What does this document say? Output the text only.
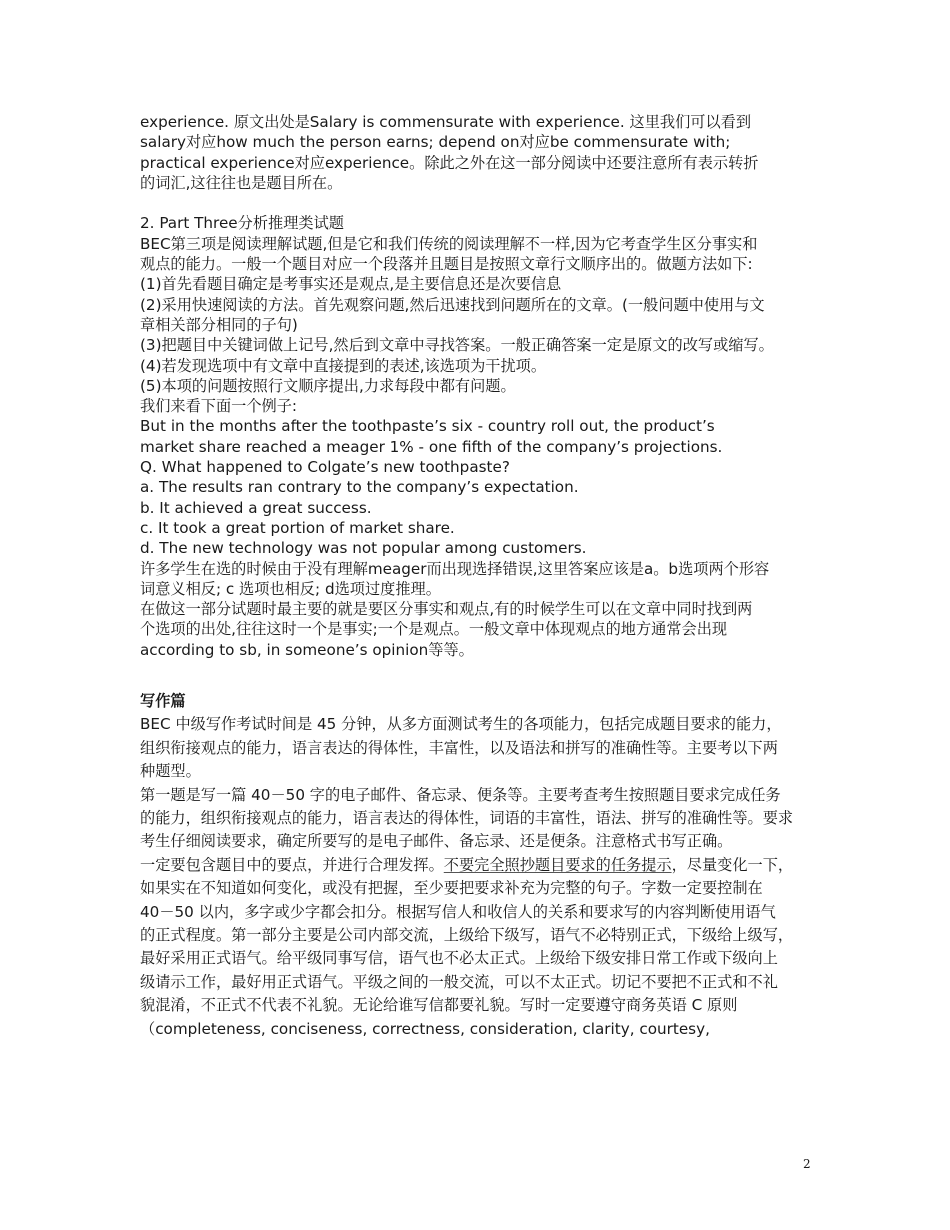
experience. 原文出处是Salary is commensurate with experience. 这里我们可以看到

salary对应how much the person earns; depend on对应be commensurate with;

practical experience对应experience。除此之外在这一部分阅读中还要注意所有表示转折

的词汇,这往往也是题目所在。

2. Part Three分析推理类试题

BEC第三项是阅读理解试题,但是它和我们传统的阅读理解不一样,因为它考查学生区分事实和

观点的能力。一般一个题目对应一个段落并且题目是按照文章行文顺序出的。做题方法如下:

(1)首先看题目确定是考事实还是观点,是主要信息还是次要信息

(2)采用快速阅读的方法。首先观察问题,然后迅速找到问题所在的文章。(一般问题中使用与文

章相关部分相同的子句)

(3)把题目中关键词做上记号,然后到文章中寻找答案。一般正确答案一定是原文的改写或缩写。

(4)若发现选项中有文章中直接提到的表述,该选项为干扰项。

(5)本项的问题按照行文顺序提出,力求每段中都有问题。

我们来看下面一个例子:

But in the months after the toothpaste’s six - country roll out, the product’s

market share reached a meager 1% - one fifth of the company’s projections.

Q. What happened to Colgate’s new toothpaste?

a. The results ran contrary to the company’s expectation.

b. It achieved a great success.

c. It took a great portion of market share.

d. The new technology was not popular among customers.

许多学生在选的时候由于没有理解meager而出现选择错误,这里答案应该是a。b选项两个形容

词意义相反; c 选项也相反; d选项过度推理。

在做这一部分试题时最主要的就是要区分事实和观点,有的时候学生可以在文章中同时找到两

个选项的出处,往往这时一个是事实;一个是观点。一般文章中体现观点的地方通常会出现

according to sb, in someone’s opinion等等。

写作篇

BEC 中级写作考试时间是 45 分钟，从多方面测试考生的各项能力，包括完成题目要求的能力，

组织衔接观点的能力，语言表达的得体性，丰富性，以及语法和拼写的准确性等。主要考以下两

种题型。

第一题是写一篇 40－50 字的电子邮件、备忘录、便条等。主要考查考生按照题目要求完成任务

的能力，组织衔接观点的能力，语言表达的得体性，词语的丰富性，语法、拼写的准确性等。要求

考生仔细阅读要求，确定所要写的是电子邮件、备忘录、还是便条。注意格式书写正确。

一定要包含题目中的要点，并进行合理发挥。不要完全照抄题目要求的任务提示，尽量变化一下，

如果实在不知道如何变化，或没有把握，至少要把要求补充为完整的句子。字数一定要控制在

40－50 以内，多字或少字都会扣分。根据写信人和收信人的关系和要求写的内容判断使用语气

的正式程度。第一部分主要是公司内部交流，上级给下级写，语气不必特别正式，下级给上级写，

最好采用正式语气。给平级同事写信，语气也不必太正式。上级给下级安排日常工作或下级向上

级请示工作，最好用正式语气。平级之间的一般交流，可以不太正式。切记不要把不正式和不礼

貌混淆，不正式不代表不礼貌。无论给谁写信都要礼貌。写时一定要遵守商务英语 C 原则

（completeness, conciseness, correctness, consideration, clarity, courtesy,

2
